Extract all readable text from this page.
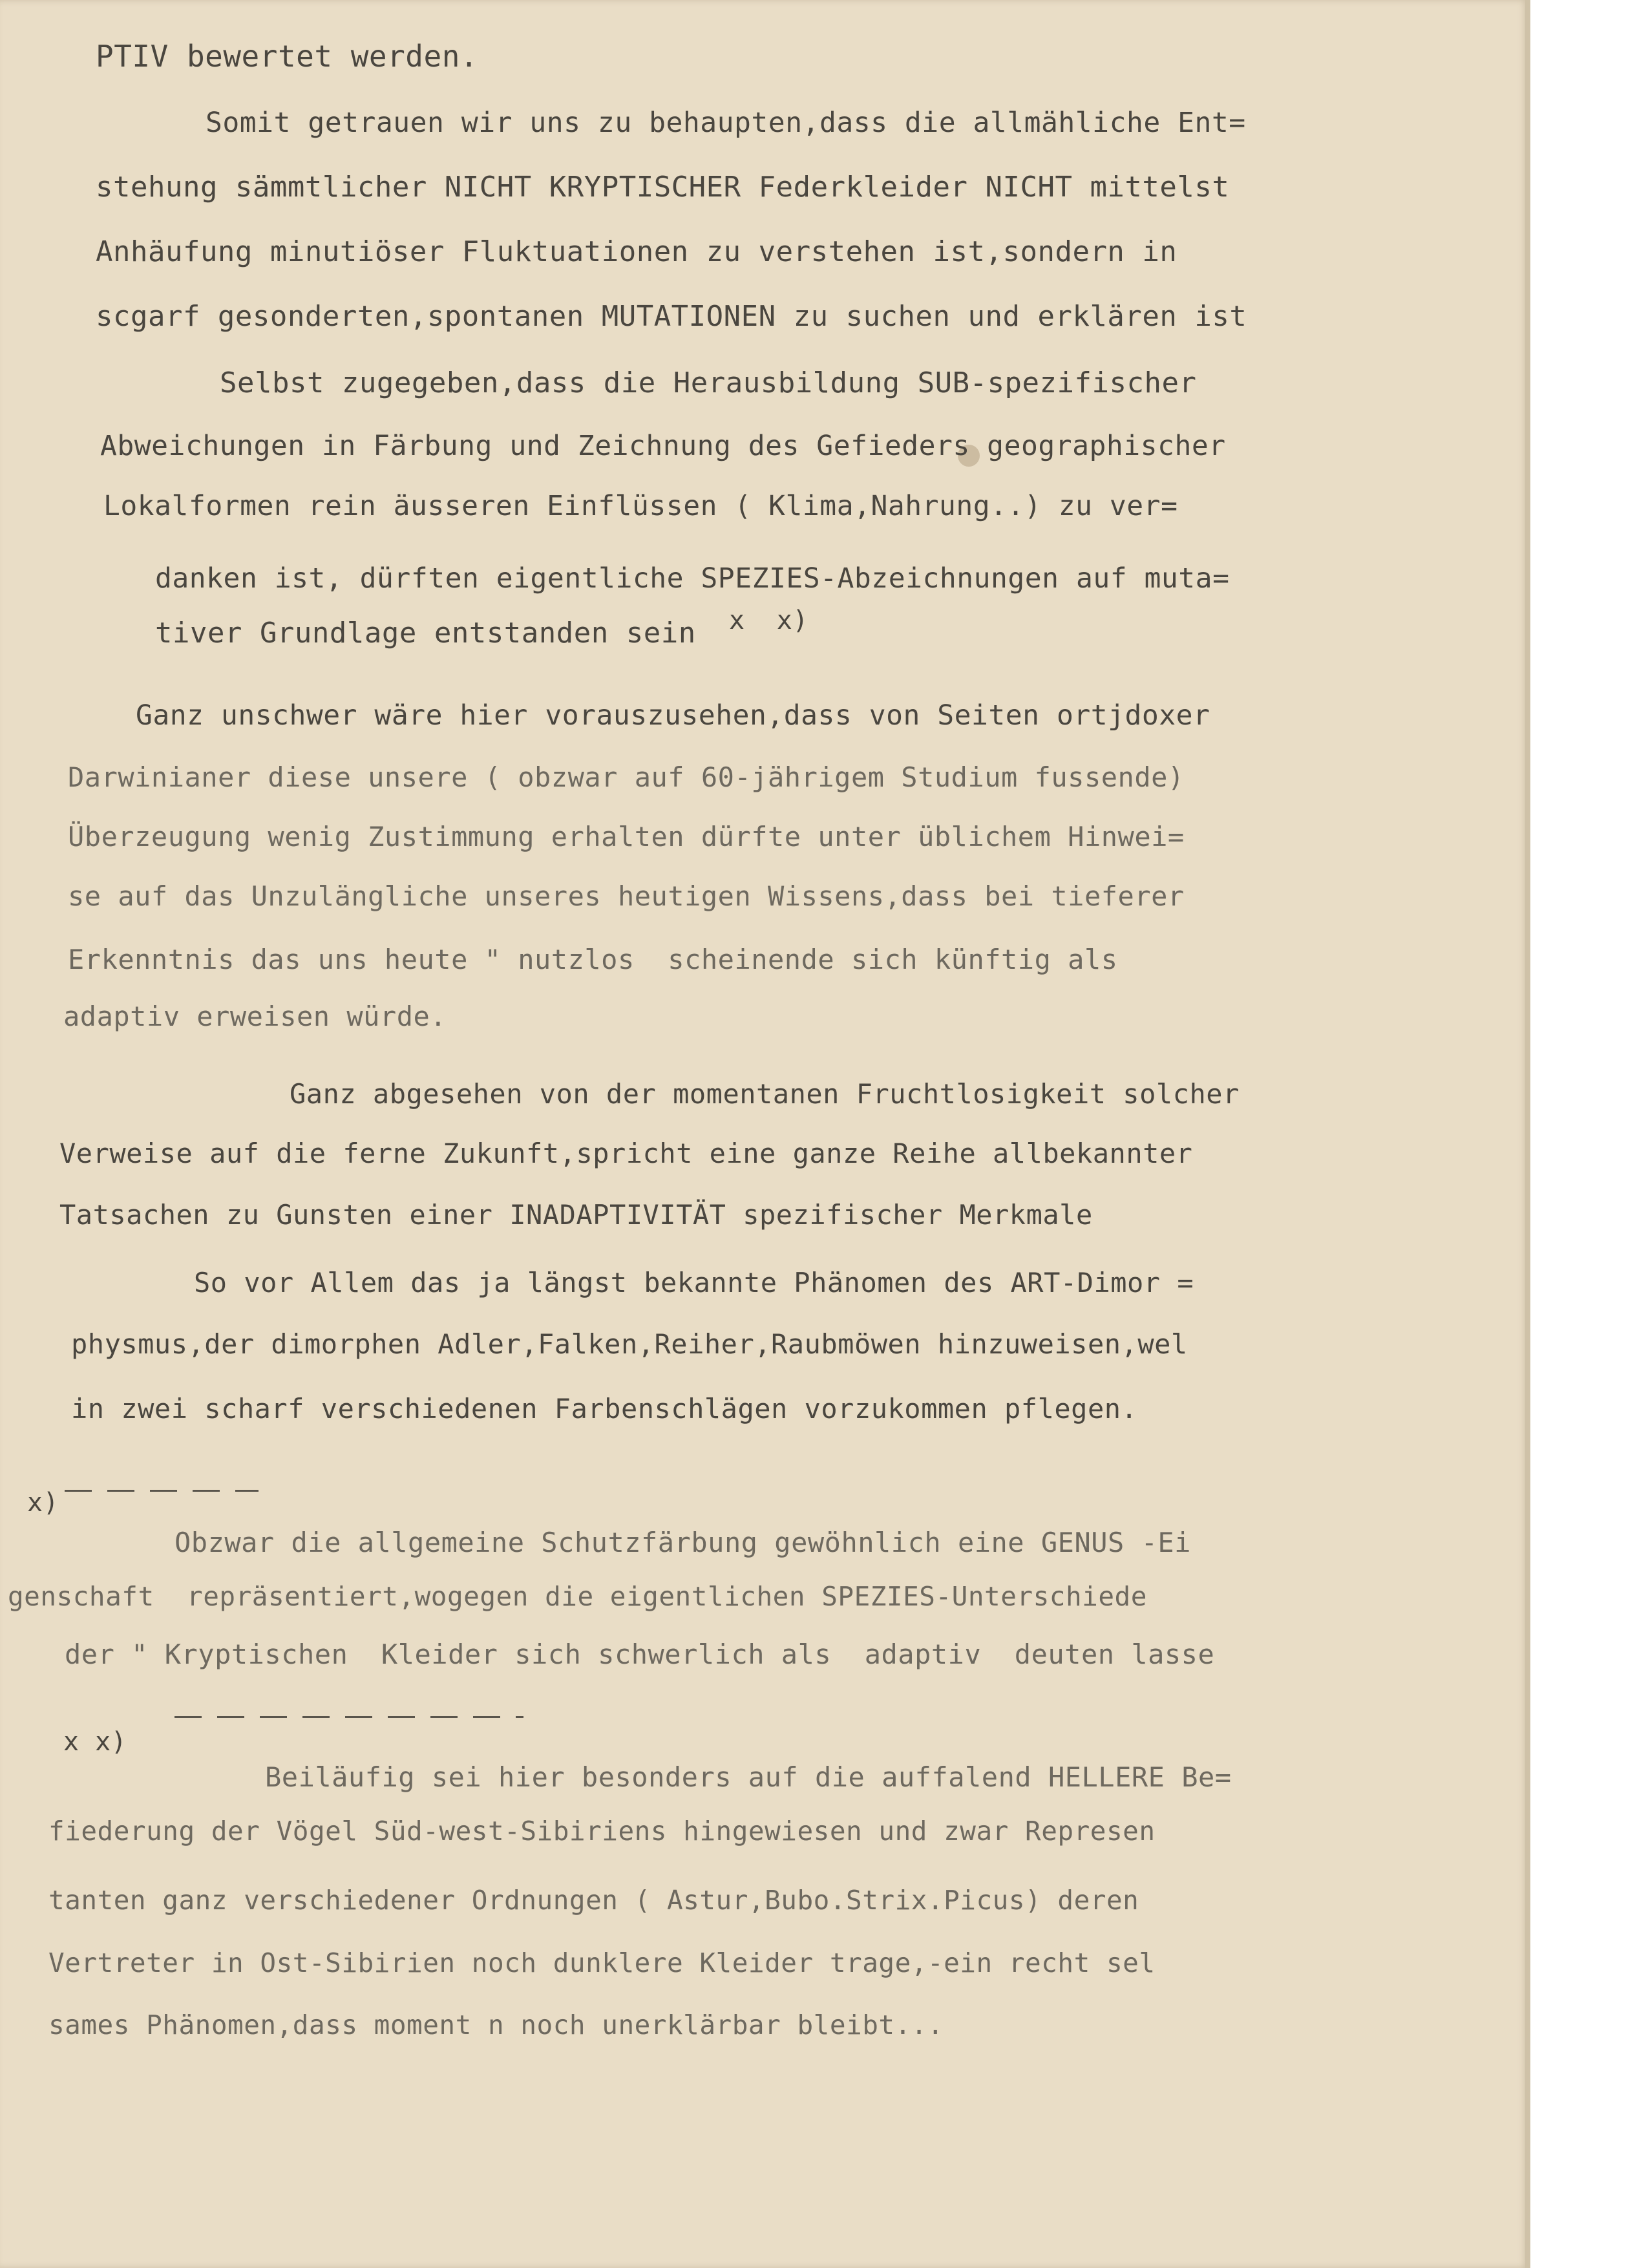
PTIV bewertet werden.
Somit getrauen wir uns zu behaupten,dass die allmähliche Ent=
stehung sämmtlicher NICHT KRYPTISCHER Federkleider NICHT mittelst
Anhäufung minutiöser Fluktuationen zu verstehen ist,sondern in
scgarf gesonderten,spontanen MUTATIONEN zu suchen und erklären ist
Selbst zugegeben,dass die Herausbildung SUB-spezifischer
Abweichungen in Färbung und Zeichnung des Gefieders geographischer
Lokalformen rein äusseren Einflüssen ( Klima,Nahrung..) zu ver=
danken ist, dürften eigentliche SPEZIES-Abzeichnungen auf muta=
tiver Grundlage entstanden sein x  x)
Ganz unschwer wäre hier vorauszusehen,dass von Seiten ortjdoxer
Darwinianer diese unsere ( obzwar auf 60-jährigem Studium fussende)
Überzeugung wenig Zustimmung erhalten dürfte unter üblichem Hinwei=
se auf das Unzulängliche unseres heutigen Wissens,dass bei tieferer
Erkenntnis das uns heute " nutzlos  scheinende sich künftig als
adaptiv erweisen würde.
Ganz abgesehen von der momentanen Fruchtlosigkeit solcher
Verweise auf die ferne Zukunft,spricht eine ganze Reihe allbekannter
Tatsachen zu Gunsten einer INADAPTIVITÄT spezifischer Merkmale
So vor Allem das ja längst bekannte Phänomen des ART-Dimor =
physmus,der dimorphen Adler,Falken,Reiher,Raubmöwen hinzuweisen,wel
in zwei scharf verschiedenen Farbenschlägen vorzukommen pflegen.
x)
Obzwar die allgemeine Schutzfärbung gewöhnlich eine GENUS -Ei
genschaft  repräsentiert,wogegen die eigentlichen SPEZIES-Unterschiede
der " Kryptischen  Kleider sich schwerlich als  adaptiv  deuten lasse
x x)
Beiläufig sei hier besonders auf die auffalend HELLERE Be=
fiederung der Vögel Süd-west-Sibiriens hingewiesen und zwar Represen
tanten ganz verschiedener Ordnungen ( Astur,Bubo.Strix.Picus) deren
Vertreter in Ost-Sibirien noch dunklere Kleider trage,-ein recht sel
sames Phänomen,dass moment n noch unerklärbar bleibt...
